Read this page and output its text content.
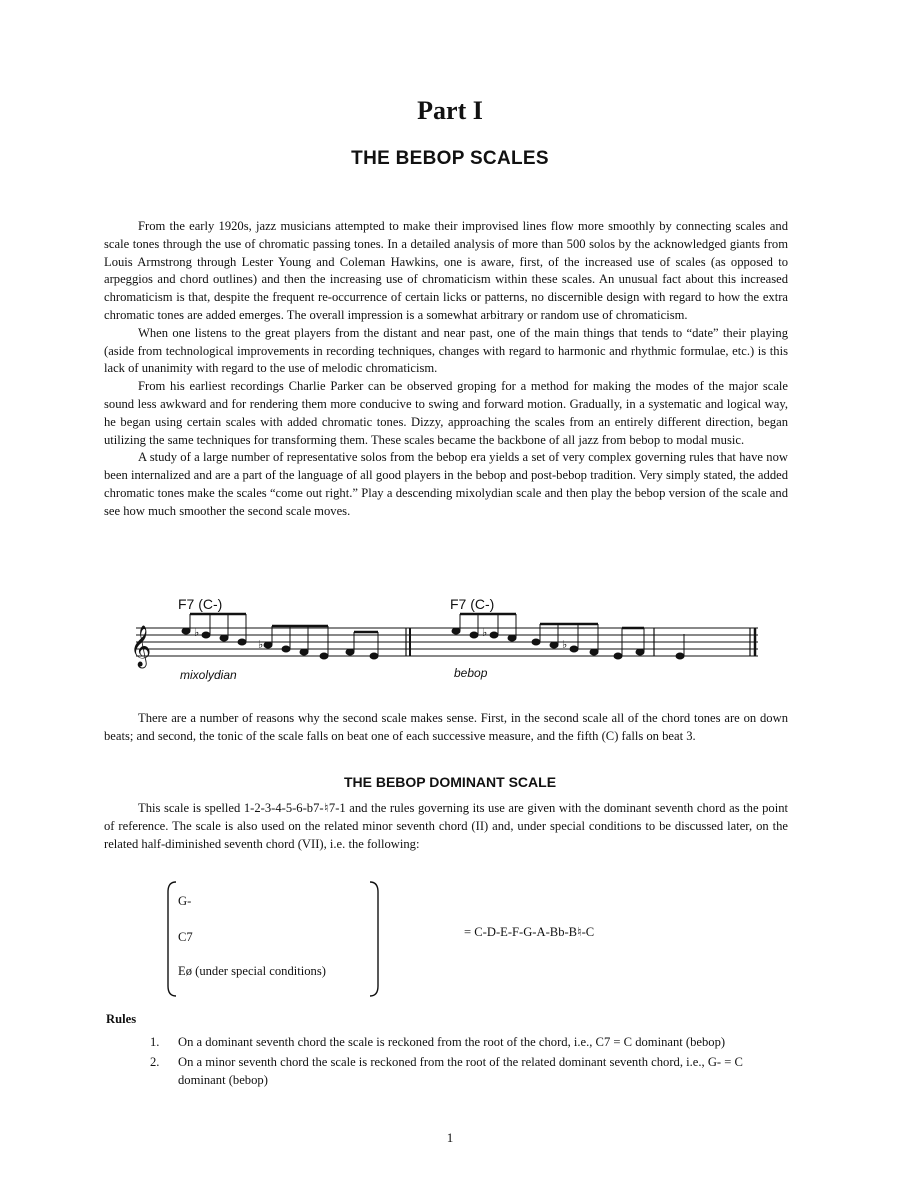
Part I
THE BEBOP SCALES

From the early 1920s, jazz musicians attempted to make their improvised lines flow more smoothly by connecting scales and scale tones through the use of chromatic passing tones. In a detailed analysis of more than 500 solos by the acknowledged giants from Louis Armstrong through Lester Young and Coleman Hawkins, one is aware, first, of the increased use of scales (as opposed to arpeggios and chord outlines) and then the increasing use of chromaticism within these scales. An unusual fact about this increased chromaticism is that, despite the frequent re-occurrence of certain licks or patterns, no discernible design with regard to how the extra chromatic tones are added emerges. The overall impression is a somewhat arbitrary or random use of chromaticism.

When one listens to the great players from the distant and near past, one of the main things that tends to “date” their playing (aside from technological improvements in recording techniques, changes with regard to harmonic and rhythmic formulae, etc.) is this lack of unanimity with regard to the use of melodic chromaticism.

From his earliest recordings Charlie Parker can be observed groping for a method for making the modes of the major scale sound less awkward and for rendering them more conducive to swing and forward motion. Gradually, in a systematic and logical way, he began using certain scales with added chromatic tones. Dizzy, approaching the scales from an entirely different direction, began utilizing the same techniques for transforming them. These scales became the backbone of all jazz from bebop to modal music.

A study of a large number of representative solos from the bebop era yields a set of very complex governing rules that have now been internalized and are a part of the language of all good players in the bebop and post-bebop tradition. Very simply stated, the added chromatic tones make the scales “come out right.” Play a descending mixolydian scale and then play the bebop version of the scale and see how much smoother the second scale moves.

F7 (C-)	F7 (C-)
𝄞	♭
♭
♭
♭
mixolydian	bebop

There are a number of reasons why the second scale makes sense. First, in the second scale all of the chord tones are on down beats; and second, the tonic of the scale falls on beat one of each successive measure, and the fifth (C) falls on beat 3.

THE BEBOP DOMINANT SCALE

This scale is spelled 1-2-3-4-5-6-b7-♮7-1 and the rules governing its use are given with the dominant seventh chord as the point of reference. The scale is also used on the related minor seventh chord (II) and, under special conditions to be discussed later, on the related half-diminished seventh chord (VII), i.e. the following:

G-
C7
Eø (under special conditions)
= C-D-E-F-G-A-Bb-B♮-C
Rules
1. On a dominant seventh chord the scale is reckoned from the root of the chord, i.e., C7 = C dominant (bebop)
2. On a minor seventh chord the scale is reckoned from the root of the related dominant seventh chord, i.e., G- = C dominant (bebop)
1
